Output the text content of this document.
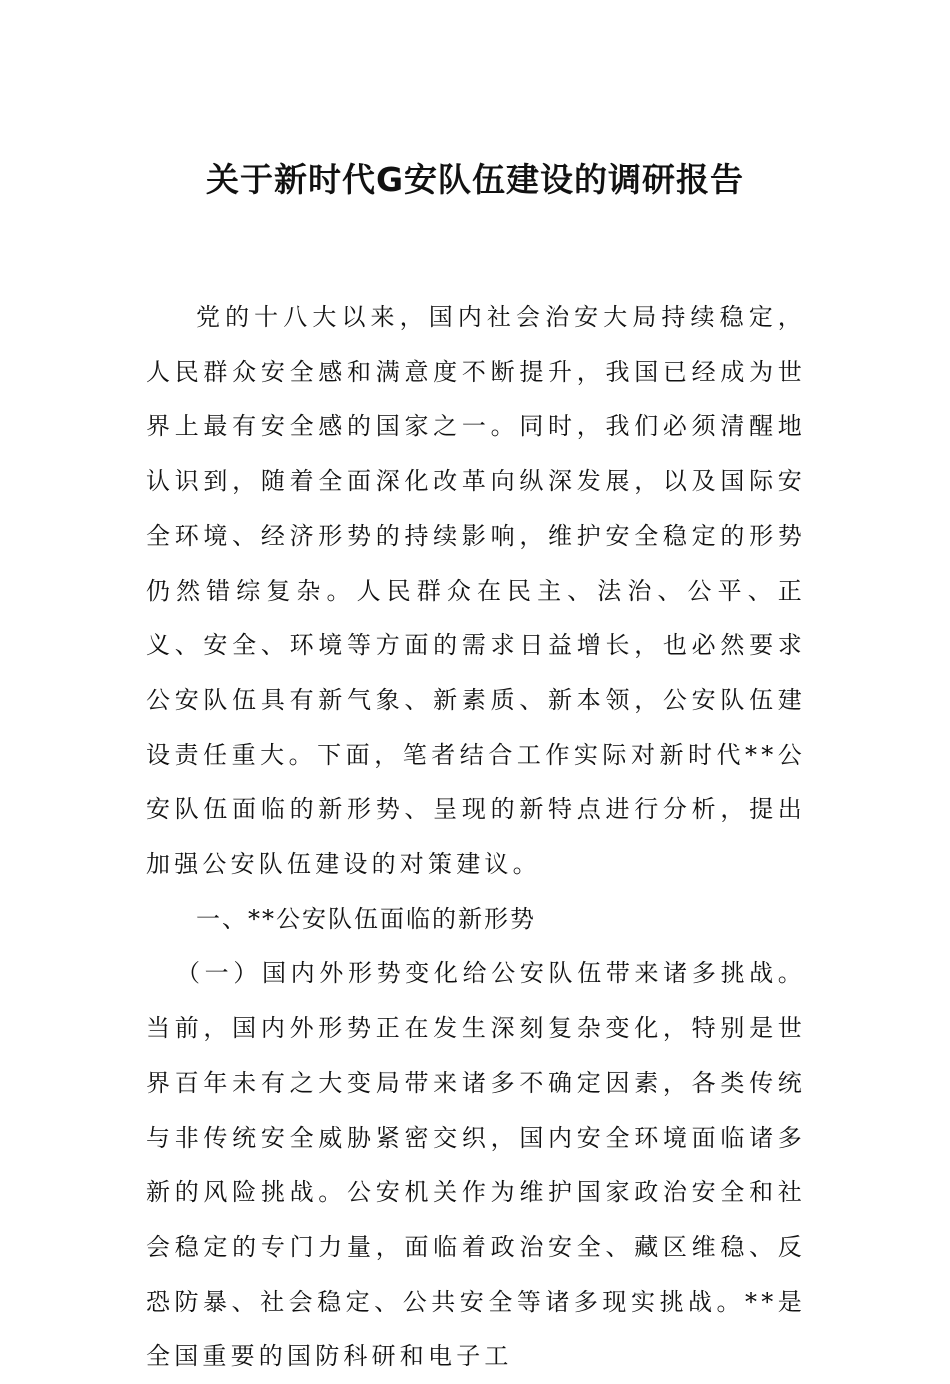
关于新时代G安队伍建设的调研报告

党的十八大以来，国内社会治安大局持续稳定，人民群众安全感和满意度不断提升，我国已经成为世界上最有安全感的国家之一。同时，我们必须清醒地认识到，随着全面深化改革向纵深发展，以及国际安全环境、经济形势的持续影响，维护安全稳定的形势仍然错综复杂。人民群众在民主、法治、公平、正义、安全、环境等方面的需求日益增长，也必然要求公安队伍具有新气象、新素质、新本领，公安队伍建设责任重大。下面，笔者结合工作实际对新时代**公安队伍面临的新形势、呈现的新特点进行分析，提出加强公安队伍建设的对策建议。

一、**公安队伍面临的新形势

（一）国内外形势变化给公安队伍带来诸多挑战。当前，国内外形势正在发生深刻复杂变化，特别是世界百年未有之大变局带来诸多不确定因素，各类传统与非传统安全威胁紧密交织，国内安全环境面临诸多新的风险挑战。公安机关作为维护国家政治安全和社会稳定的专门力量，面临着政治安全、藏区维稳、反恐防暴、社会稳定、公共安全等诸多现实挑战。**是全国重要的国防科研和电子工
